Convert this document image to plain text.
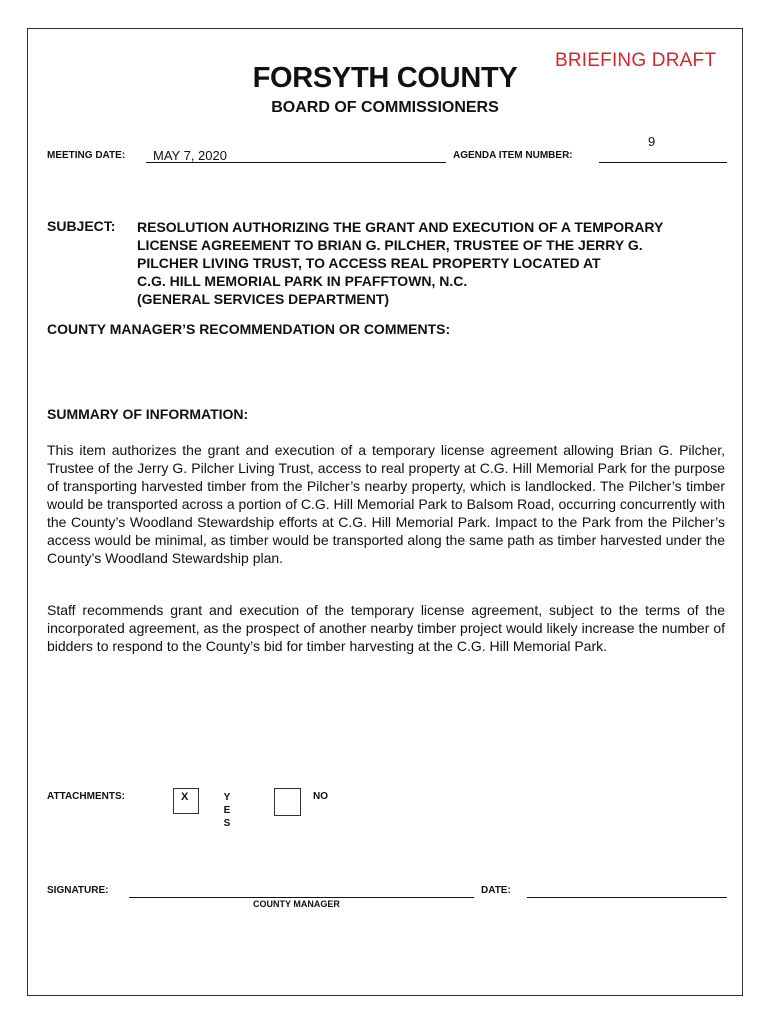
BRIEFING DRAFT
FORSYTH COUNTY
BOARD OF COMMISSIONERS
MEETING DATE: MAY 7, 2020	AGENDA ITEM NUMBER:
9
SUBJECT: RESOLUTION AUTHORIZING THE GRANT AND EXECUTION OF A TEMPORARY
LICENSE AGREEMENT TO BRIAN G. PILCHER, TRUSTEE OF THE JERRY G.
PILCHER LIVING TRUST, TO ACCESS REAL PROPERTY LOCATED AT
C.G. HILL MEMORIAL PARK IN PFAFFTOWN, N.C.
(GENERAL SERVICES DEPARTMENT)
COUNTY MANAGER’S RECOMMENDATION OR COMMENTS:
SUMMARY OF INFORMATION:
This item authorizes the grant and execution of a temporary license agreement allowing Brian G. Pilcher, Trustee of the Jerry G. Pilcher Living Trust, access to real property at C.G. Hill Memorial Park for the purpose of transporting harvested timber from the Pilcher’s nearby property, which is landlocked. The Pilcher’s timber would be transported across a portion of C.G. Hill Memorial Park to Balsom Road, occurring concurrently with the County’s Woodland Stewardship efforts at C.G. Hill Memorial Park. Impact to the Park from the Pilcher’s access would be minimal, as timber would be transported along the same path as timber harvested under the County’s Woodland Stewardship plan.
Staff recommends grant and execution of the temporary license agreement, subject to the terms of the incorporated agreement, as the prospect of another nearby timber project would likely increase the number of bidders to respond to the County’s bid for timber harvesting at the C.G. Hill Memorial Park.
ATTACHMENTS:	X	YES
NO
SIGNATURE:
COUNTY MANAGER
DATE:
